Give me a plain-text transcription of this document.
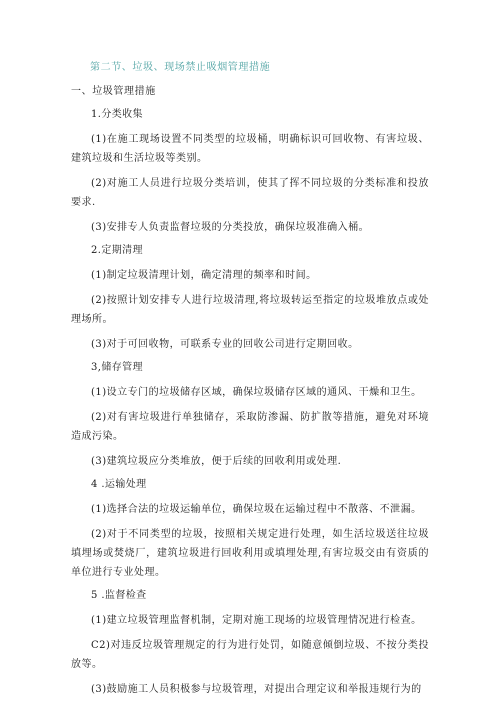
第二节、垃圾、现场禁止吸烟管理措施
一、垃圾管理措施
1.分类收集

(1)在施工现场设置不同类型的垃圾桶，明确标识可回收物、有害垃圾、建筑垃圾和生活垃圾等类别。

(2)对施工人员进行垃圾分类培训，使其了挥不同垃圾的分类标准和投放要求.

(3)安排专人负责监督垃圾的分类投放，确保垃圾准确入桶。

2.定期清理

(1)制定垃圾清理计划，确定清理的频率和时间。

(2)按照计划安排专人进行垃圾清理,将垃圾转运至指定的垃圾堆放点或处理场所。

(3)对于可回收物，可联系专业的回收公司进行定期回收。

3,储存管理

(1)设立专门的垃圾储存区域，确保垃圾储存区域的通风、干燥和卫生。

(2)对有害垃圾进行单独储存，采取防渗漏、防扩散等措施，避免对环境造成污染。

(3)建筑垃圾应分类堆放，便于后续的回收利用或处理.

4 .运输处理

(1)选择合法的垃圾运输单位，确保垃圾在运输过程中不散落、不泄漏。

(2)对于不同类型的垃圾，按照相关规定进行处理，如生活垃圾送往垃圾填埋场或焚烧厂，建筑垃圾进行回收利用或填埋处理,有害垃圾交由有资质的单位进行专业处理。

5 .监督检查

(1)建立垃圾管理监督机制，定期对施工现场的垃圾管理情况进行检查。

C2)对违反垃圾管理规定的行为进行处罚，如随意倾倒垃圾、不按分类投放等。

(3)鼓励施工人员积极参与垃圾管理，对提出合理定议和举报违规行为的
